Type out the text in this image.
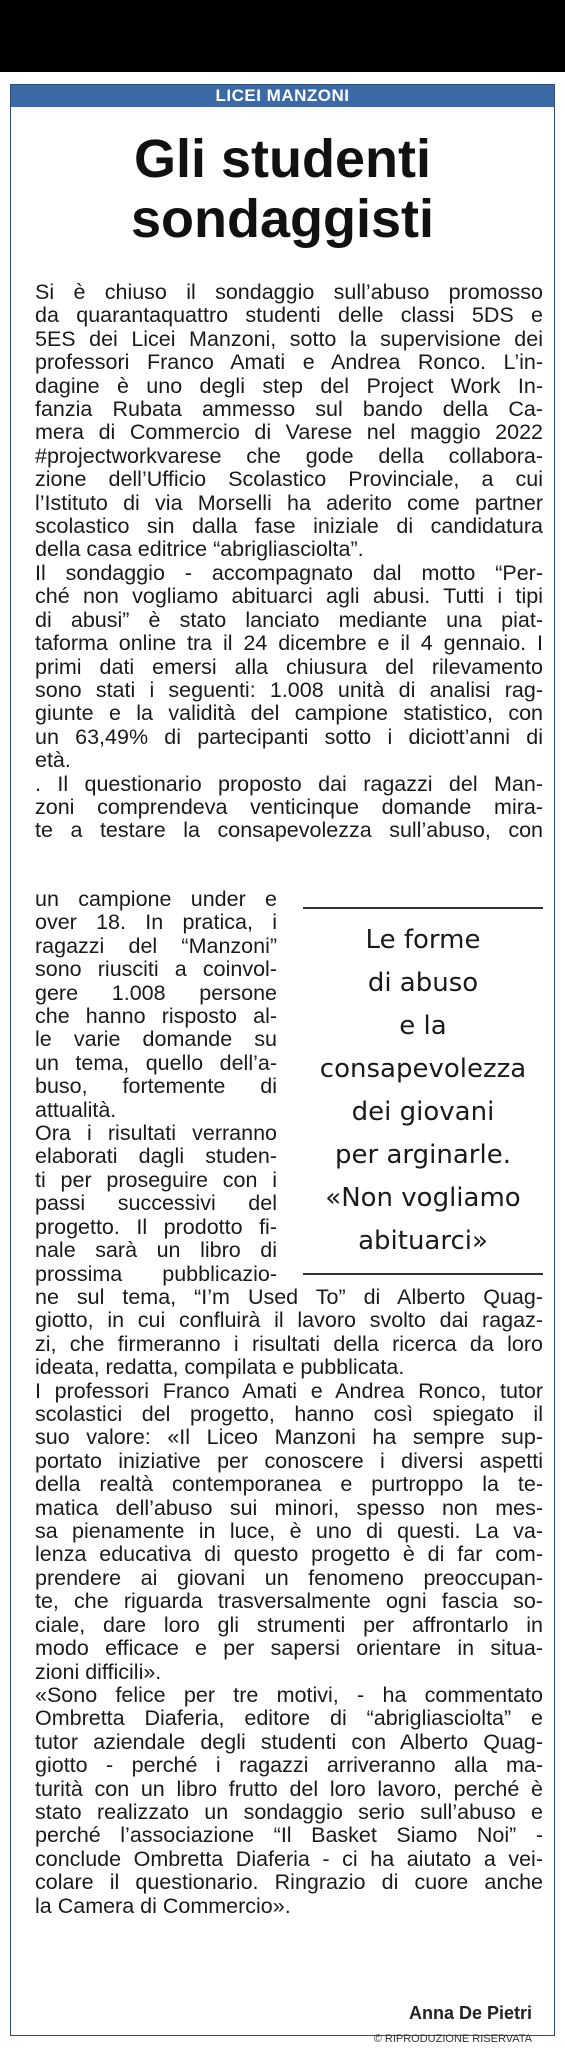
LICEI MANZONI
Gli studenti
sondaggisti
Si è chiuso il sondaggio sull’abuso promosso
da quarantaquattro studenti delle classi 5DS e
5ES dei Licei Manzoni, sotto la supervisione dei
professori Franco Amati e Andrea Ronco. L’in-
dagine è uno degli step del Project Work In-
fanzia Rubata ammesso sul bando della Ca-
mera di Commercio di Varese nel maggio 2022
#projectworkvarese che gode della collabora-
zione dell’Ufficio Scolastico Provinciale, a cui
l’Istituto di via Morselli ha aderito come partner
scolastico sin dalla fase iniziale di candidatura
della casa editrice “abrigliasciolta”.
Il sondaggio - accompagnato dal motto “Per-
ché non vogliamo abituarci agli abusi. Tutti i tipi
di abusi” è stato lanciato mediante una piat-
taforma online tra il 24 dicembre e il 4 gennaio. I
primi dati emersi alla chiusura del rilevamento
sono stati i seguenti: 1.008 unità di analisi rag-
giunte e la validità del campione statistico, con
un 63,49% di partecipanti sotto i diciott’anni di
età.
. Il questionario proposto dai ragazzi del Man-
zoni comprendeva venticinque domande mira-
te a testare la consapevolezza sull’abuso, con
un campione under e
over 18. In pratica, i
ragazzi del “Manzoni”
sono riusciti a coinvol-
gere 1.008 persone
che hanno risposto al-
le varie domande su
un tema, quello dell’a-
buso, fortemente di
attualità.
Ora i risultati verranno
elaborati dagli studen-
ti per proseguire con i
passi successivi del
progetto. Il prodotto fi-
nale sarà un libro di
prossima pubblicazio-
Le forme
di abuso
e la
consapevolezza
dei giovani
per arginarle.
«Non vogliamo
abituarci»
ne sul tema, “I’m Used To” di Alberto Quag-
giotto, in cui confluirà il lavoro svolto dai ragaz-
zi, che firmeranno i risultati della ricerca da loro
ideata, redatta, compilata e pubblicata.
I professori Franco Amati e Andrea Ronco, tutor
scolastici del progetto, hanno così spiegato il
suo valore: «Il Liceo Manzoni ha sempre sup-
portato iniziative per conoscere i diversi aspetti
della realtà contemporanea e purtroppo la te-
matica dell’abuso sui minori, spesso non mes-
sa pienamente in luce, è uno di questi. La va-
lenza educativa di questo progetto è di far com-
prendere ai giovani un fenomeno preoccupan-
te, che riguarda trasversalmente ogni fascia so-
ciale, dare loro gli strumenti per affrontarlo in
modo efficace e per sapersi orientare in situa-
zioni difficili».
«Sono felice per tre motivi, - ha commentato
Ombretta Diaferia, editore di “abrigliasciolta” e
tutor aziendale degli studenti con Alberto Quag-
giotto - perché i ragazzi arriveranno alla ma-
turità con un libro frutto del loro lavoro, perché è
stato realizzato un sondaggio serio sull’abuso e
perché l’associazione “Il Basket Siamo Noi” -
conclude Ombretta Diaferia - ci ha aiutato a vei-
colare il questionario. Ringrazio di cuore anche
la Camera di Commercio».
Anna De Pietri
© RIPRODUZIONE RISERVATA
